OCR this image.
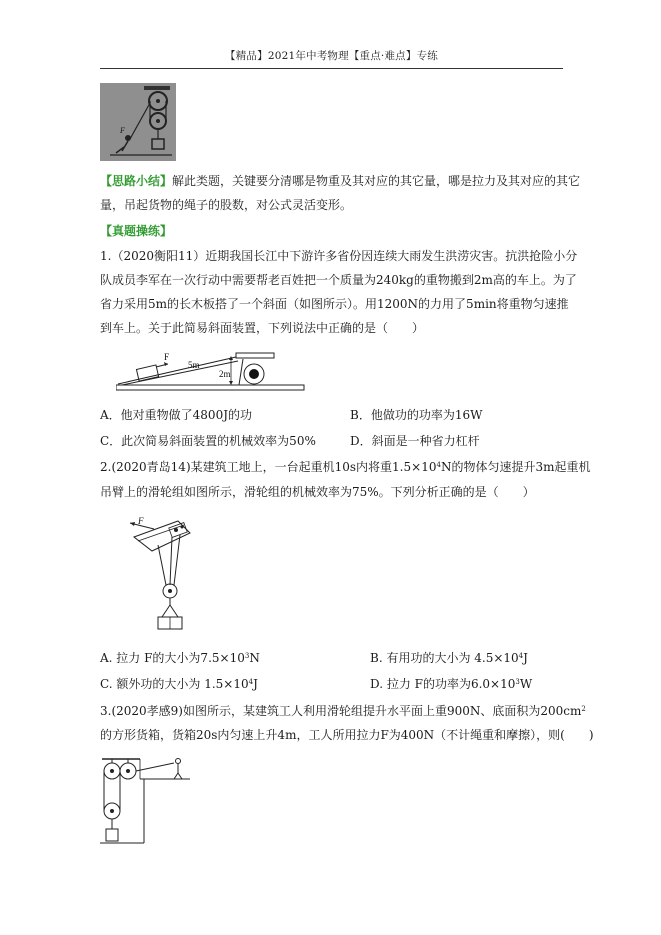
【精品】2021年中考物理【重点·难点】专练
F
【思路小结】解此类题，关键要分清哪是物重及其对应的其它量，哪是拉力及其对应的其它
量，吊起货物的绳子的股数，对公式灵活变形。
【真题操练】
1.（2020衡阳11）近期我国长江中下游许多省份因连续大雨发生洪涝灾害。抗洪抢险小分
队成员李军在一次行动中需要帮老百姓把一个质量为240kg的重物搬到2m高的车上。为了
省力采用5m的长木板搭了一个斜面（如图所示）。用1200N的力用了5min将重物匀速推
到车上。关于此简易斜面装置，下列说法中正确的是（　　）
F
5m
2m
A．他对重物做了4800J的功	B．他做功的功率为16W
C．此次简易斜面装置的机械效率为50%	D．斜面是一种省力杠杆
2.(2020青岛14)某建筑工地上，一台起重机10s内将重$1.5\times 10^4N$的物体匀速提升3m起重机
吊臂上的滑轮组如图所示，滑轮组的机械效率为75%。下列分析正确的是（　　）
F
A. 拉力 F的大小为$7.5\times 10^3N$	B. 有用功的大小为 $4.5\times 10^4J$
C. 额外功的大小为 $1.5\times 10^4J$	D. 拉力 F的功率为$6.0\times 10^3W$
3.(2020孝感9)如图所示，某建筑工人利用滑轮组提升水平面上重900N、底面积为$200cm^2$
的方形货箱，货箱20s内匀速上升4m，工人所用拉力F为400N（不计绳重和摩擦），则(　　)
